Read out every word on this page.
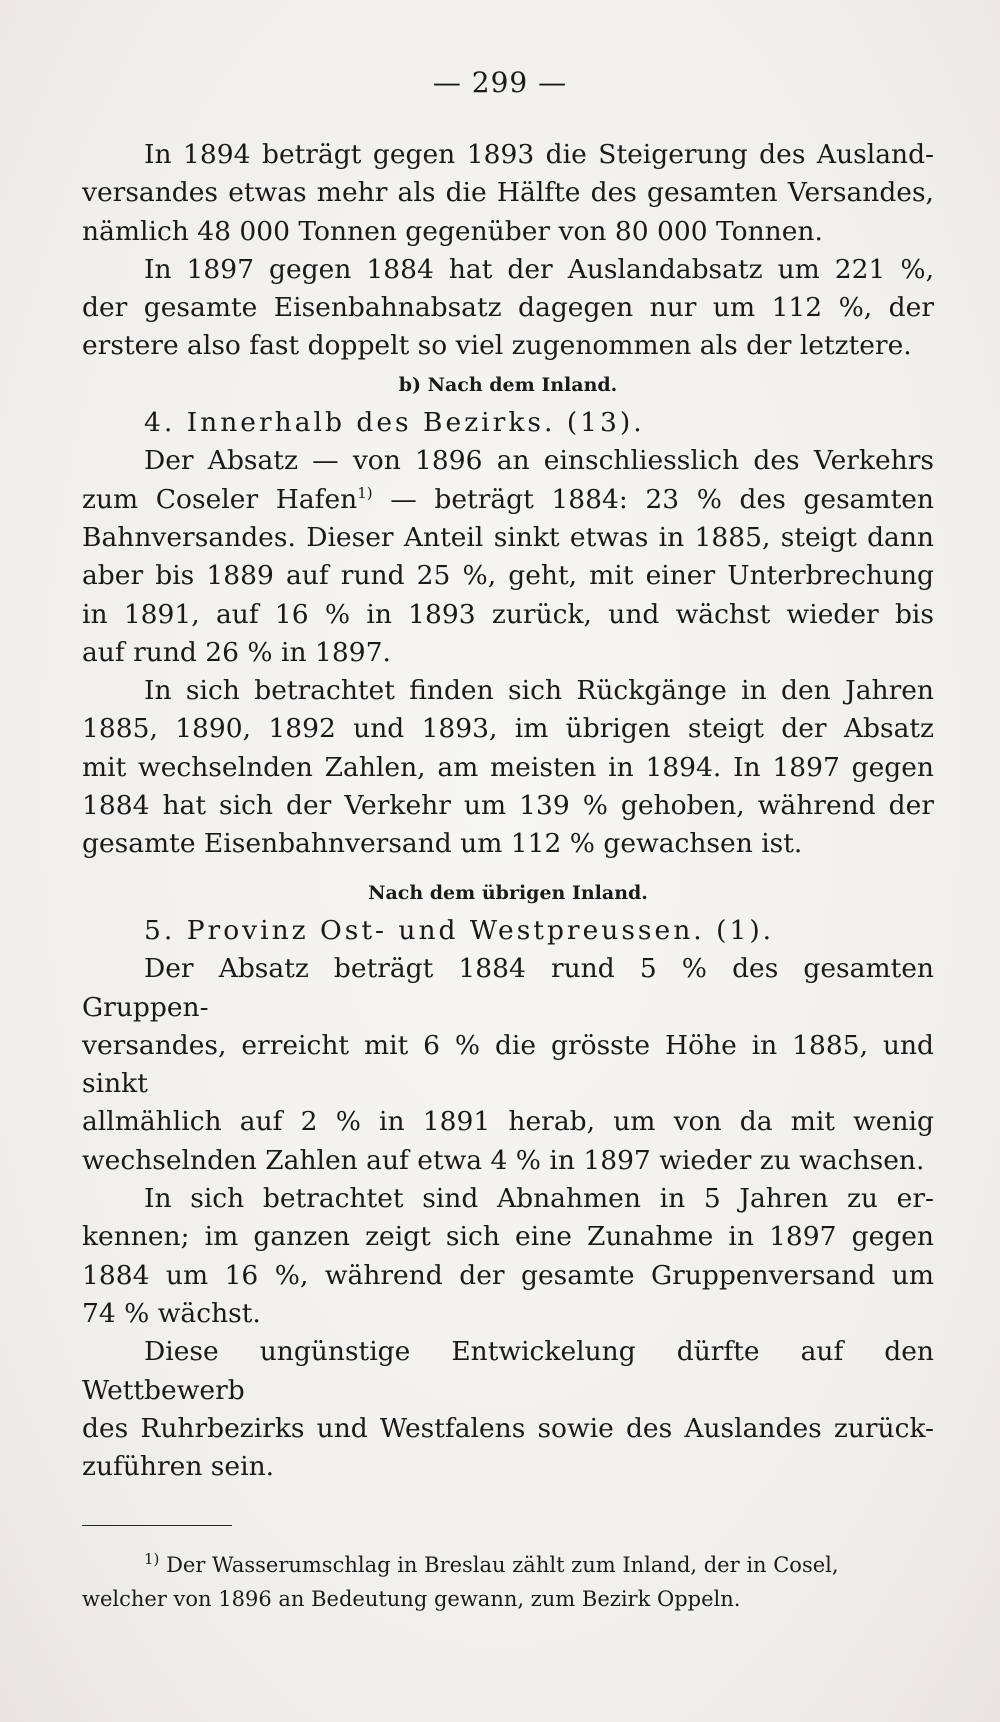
— 299 —

In 1894 beträgt gegen 1893 die Steigerung des Ausland-

versandes etwas mehr als die Hälfte des gesamten Versandes,

nämlich 48 000 Tonnen gegenüber von 80 000 Tonnen.

In 1897 gegen 1884 hat der Auslandabsatz um 221 %,

der gesamte Eisenbahnabsatz dagegen nur um 112 %, der

erstere also fast doppelt so viel zugenommen als der letztere.

b) Nach dem Inland.

4. Innerhalb des Bezirks. (13).

Der Absatz — von 1896 an einschliesslich des Verkehrs

zum Coseler Hafen$^{1)}$ — beträgt 1884: 23 % des gesamten

Bahnversandes. Dieser Anteil sinkt etwas in 1885, steigt dann

aber bis 1889 auf rund 25 %, geht, mit einer Unterbrechung

in 1891, auf 16 % in 1893 zurück, und wächst wieder bis

auf rund 26 % in 1897.

In sich betrachtet finden sich Rückgänge in den Jahren

1885, 1890, 1892 und 1893, im übrigen steigt der Absatz

mit wechselnden Zahlen, am meisten in 1894. In 1897 gegen

1884 hat sich der Verkehr um 139 % gehoben, während der

gesamte Eisenbahnversand um 112 % gewachsen ist.

Nach dem übrigen Inland.

5. Provinz Ost- und Westpreussen. (1).

Der Absatz beträgt 1884 rund 5 % des gesamten Gruppen-

versandes, erreicht mit 6 % die grösste Höhe in 1885, und sinkt

allmählich auf 2 % in 1891 herab, um von da mit wenig

wechselnden Zahlen auf etwa 4 % in 1897 wieder zu wachsen.

In sich betrachtet sind Abnahmen in 5 Jahren zu er-

kennen; im ganzen zeigt sich eine Zunahme in 1897 gegen

1884 um 16 %, während der gesamte Gruppenversand um

74 % wächst.

Diese ungünstige Entwickelung dürfte auf den Wettbewerb

des Ruhrbezirks und Westfalens sowie des Auslandes zurück-

zuführen sein.

$^{1)}$ Der Wasserumschlag in Breslau zählt zum Inland, der in Cosel,

welcher von 1896 an Bedeutung gewann, zum Bezirk Oppeln.
